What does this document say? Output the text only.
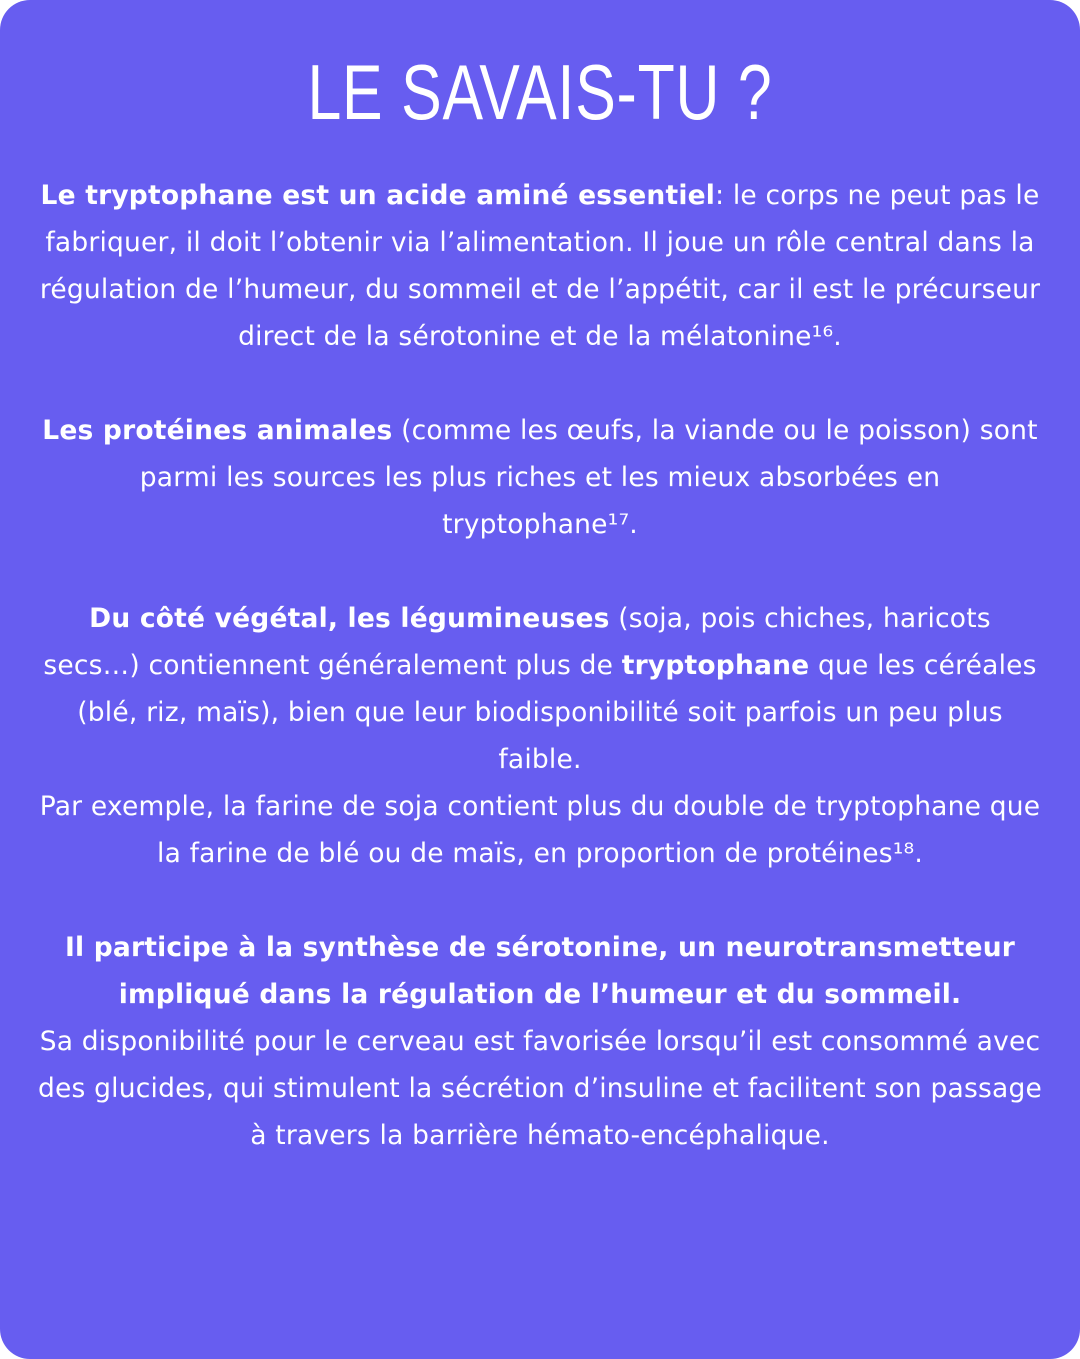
LE SAVAIS-TU ?

Le tryptophane est un acide aminé essentiel: le corps ne peut pas le fabriquer, il doit l’obtenir via l’alimentation. Il joue un rôle central dans la régulation de l’humeur, du sommeil et de l’appétit, car il est le précurseur direct de la sérotonine et de la mélatonine¹⁶.

Les protéines animales (comme les œufs, la viande ou le poisson) sont parmi les sources les plus riches et les mieux absorbées en tryptophane¹⁷.

Du côté végétal, les légumineuses (soja, pois chiches, haricots secs…) contiennent généralement plus de tryptophane que les céréales (blé, riz, maïs), bien que leur biodisponibilité soit parfois un peu plus faible.

Par exemple, la farine de soja contient plus du double de tryptophane que la farine de blé ou de maïs, en proportion de protéines¹⁸.

Il participe à la synthèse de sérotonine, un neurotransmetteur impliqué dans la régulation de l’humeur et du sommeil.

Sa disponibilité pour le cerveau est favorisée lorsqu’il est consommé avec des glucides, qui stimulent la sécrétion d’insuline et facilitent son passage à travers la barrière hémato-encéphalique.
